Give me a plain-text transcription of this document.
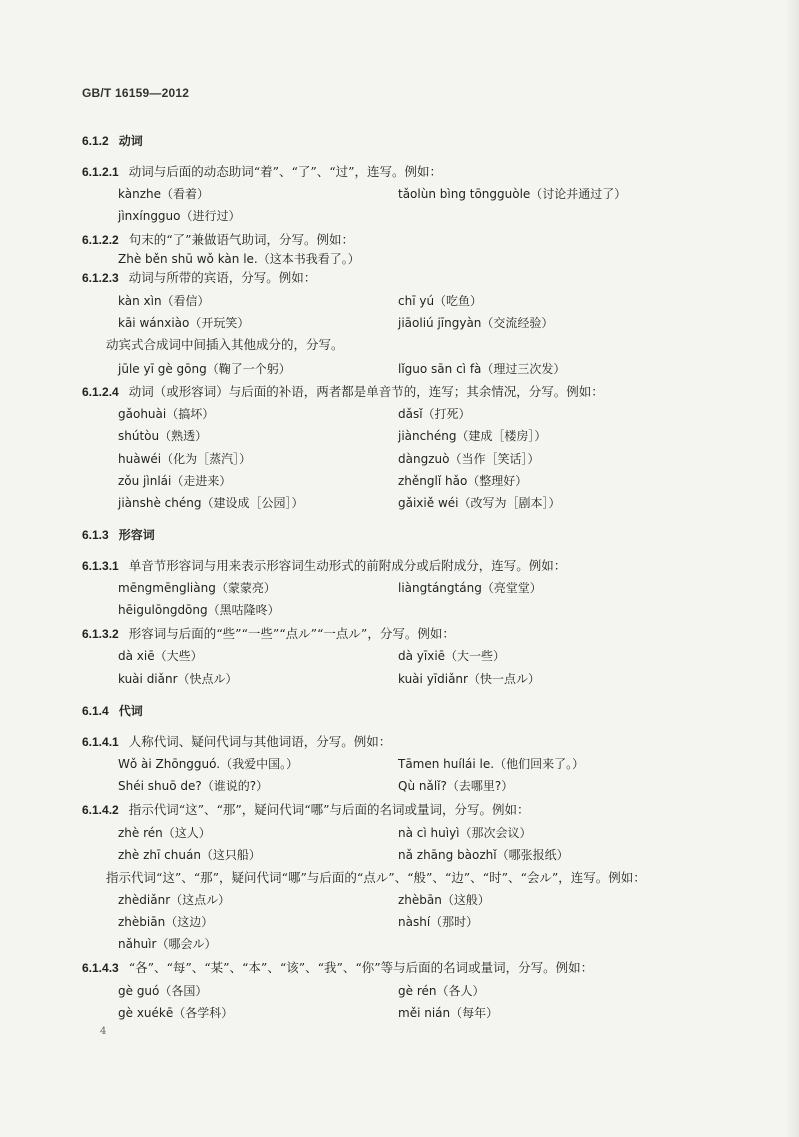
GB/T 16159—2012
6.1.2 动词
6.1.2.1 动词与后面的动态助词“着”、“了”、“过”，连写。例如：
kànzhe（看着）	tǎolùn bìng tōngguòle（讨论并通过了）
jìnxíngguo（进行过）
6.1.2.2 句末的“了”兼做语气助词，分写。例如：
Zhè běn shū wǒ kàn le.（这本书我看了。）
6.1.2.3 动词与所带的宾语，分写。例如：
kàn xìn（看信）	chī yú（吃鱼）
kāi wánxiào（开玩笑）	jiāoliú jīngyàn（交流经验）
动宾式合成词中间插入其他成分的，分写。
jūle yī gè gōng（鞠了一个躬）	lǐguo sān cì fà（理过三次发）
6.1.2.4 动词（或形容词）与后面的补语，两者都是单音节的，连写；其余情况，分写。例如：
gǎohuài（搞坏）	dǎsǐ（打死）
shútòu（熟透）	jiànchéng（建成［楼房］）
huàwéi（化为［蒸汽］）	dàngzuò（当作［笑话］）
zǒu jìnlái（走进来）	zhěnglǐ hǎo（整理好）
jiànshè chéng（建设成［公园］）	gǎixiě wéi（改写为［剧本］）
6.1.3 形容词
6.1.3.1 单音节形容词与用来表示形容词生动形式的前附成分或后附成分，连写。例如：
mēngmēngliàng（蒙蒙亮）	liàngtángtáng（亮堂堂）
hēigulōngdōng（黑咕隆咚）
6.1.3.2 形容词与后面的“些”“一些”“点ル”“一点ル”，分写。例如：
dà xiē（大些）	dà yīxiē（大一些）
kuài diǎnr（快点ル）	kuài yīdiǎnr（快一点ル）
6.1.4 代词
6.1.4.1 人称代词、疑问代词与其他词语，分写。例如：
Wǒ ài Zhōngguó.（我爱中国。）	Tāmen huílái le.（他们回来了。）
Shéi shuō de?（谁说的?）	Qù nǎlǐ?（去哪里?）
6.1.4.2 指示代词“这”、“那”，疑问代词“哪”与后面的名词或量词，分写。例如：
zhè rén（这人）	nà cì huìyì（那次会议）
zhè zhī chuán（这只船）	nǎ zhāng bàozhǐ（哪张报纸）
指示代词“这”、“那”，疑问代词“哪”与后面的“点ル”、“般”、“边”、“时”、“会ル”，连写。例如：
zhèdiǎnr（这点ル）	zhèbān（这般）
zhèbiān（这边）	nàshí（那时）
nǎhuìr（哪会ル）
6.1.4.3 “各”、“每”、“某”、“本”、“该”、“我”、“你”等与后面的名词或量词，分写。例如：
gè guó（各国）	gè rén（各人）
gè xuékē（各学科）	měi nián（每年）
4
